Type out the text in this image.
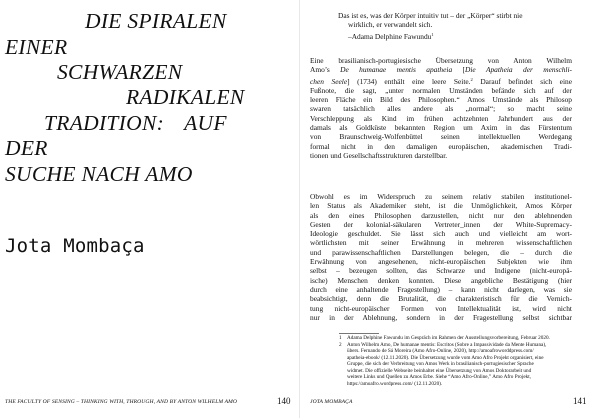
DIE SPIRALEN
EINER
SCHWARZEN
RADIKALEN
TRADITION: AUF
DER
SUCHE NACH AMO
Jota Mombaça
THE FACULTY OF SENSING – THINKING WITH, THROUGH, AND BY ANTON WILHELM AMO	140
Das ist es, was der Körper intuitiv tut – der „Körper“ stirbt nie
wirklich, er verwandelt sich.
–Adama Delphine Fawundu$^1$
Eine brasilianisch-portugiesische Übersetzung von Anton Wilhelm
Amo’s De humanae mentis apatheia [Die Apatheia der menschli-
chen Seele] (1734) enthält eine leere Seite.$^2$ Darauf befindet sich eine
Fußnote, die sagt, „unter normalen Umständen befände sich auf der
leeren Fläche ein Bild des Philosophen.“ Amos Umstände als Philosop
swaren tatsächlich alles andere als „normal“; so macht seine
Verschleppung als Kind im frühen achtzehnten Jahrhundert aus der
damals als Goldküste bekannten Region um Axim in das Fürstentum
von Braunschweig-Wolfenbüttel seinen intellektuellen Werdegang
formal nicht in den damaligen europäischen, akademischen Tradi-
tionen und Gesellschaftsstrukturen darstellbar.
Obwohl es im Widerspruch zu seinem relativ stabilen institutionel-
len Status als Akademiker steht, ist die Unmöglichkeit, Amos Körper
als den eines Philosophen darzustellen, nicht nur den ablehnenden
Gesten der kolonial-säkularen Vertreter_innen der White-Supremacy-
Ideologie geschuldet. Sie lässt sich auch und vielleicht am wort-
wörtlichsten mit seiner Erwähnung in mehreren wissenschaftlichen
und parawissenschaftlichen Darstellungen belegen, die – durch die
Erwähnung von angesehenen, nicht-europäischen Subjekten wie ihm
selbst – bezeugen sollten, das Schwarze und Indigene (nicht-europä-
ische) Menschen denken konnten. Diese angebliche Bestätigung (hier
durch eine anhaltende Fragestellung) – kann nicht darlegen, was sie
beabsichtigt, denn die Brutalität, die charakteristisch für die Vernich-
tung nicht-europäischer Formen von Intellektualität ist, wird nicht
nur in der Ablehnung, sondern in der Fragestellung selbst sichtbar
1	Adama Delphine Fawundu im Gespräch im Rahmen der Ausstellungsvorbereitung, Februar 2020.
2	Anton Wilhelm Amo, De humanae mentis: Escritos (Sobre a Impassividade da Mente Humana),
übers. Fernando de Sá Moreira (Amo Afro-Online, 2020), http://amoafroworddpress.com/
apatheia-ebook/ (12.11.2020). Die Übersetzung wurde vom Amo Afro Projekt organisiert, eine
Gruppe, die sich der Verbreitung von Amos Werk in brasilianisch-portugiesischer Sprache
widmet. Die offizielle Webseite beinhaltet eine Übersetzung von Amos Doktorarbeit und
weitere Links und Quellen zu Amos Erbe. Siehe “Amo Afro-Online,” Amo Afro Projekt,
https://amoafro.wordpress.com/ (12.11.2020).
JOTA MOMBAÇA	141
